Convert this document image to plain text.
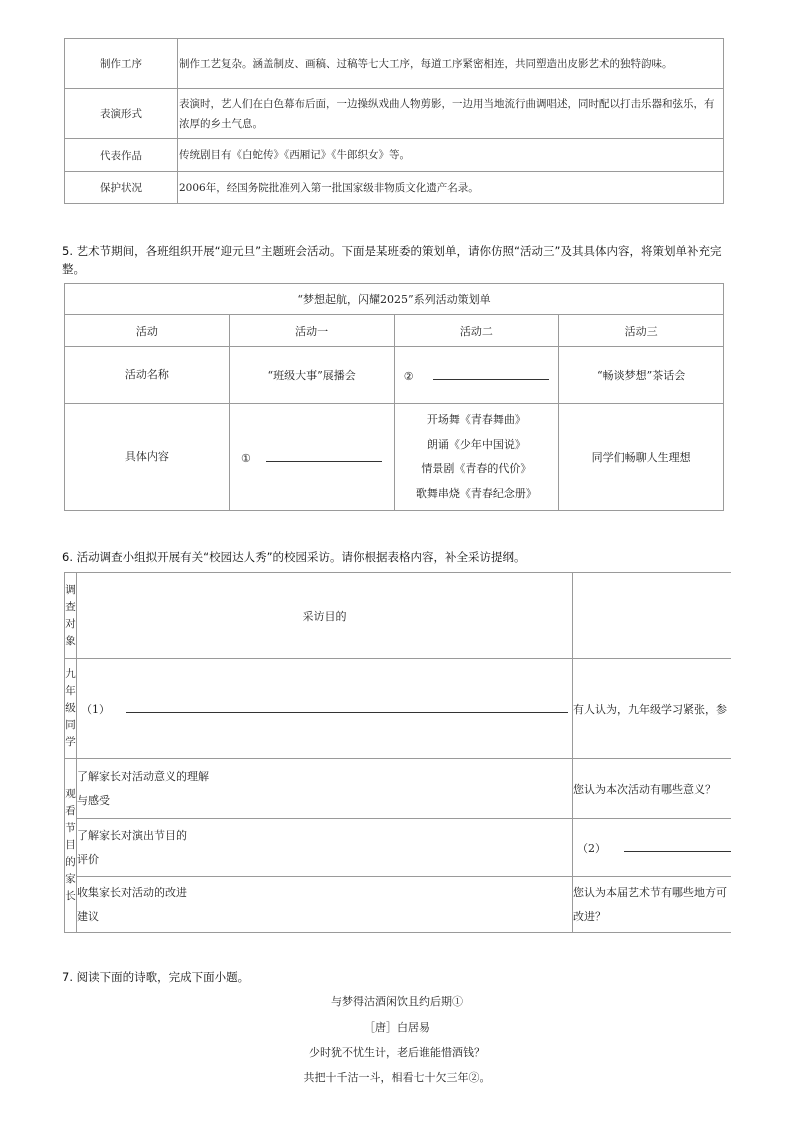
制作工序	制作工艺复杂。涵盖制皮、画稿、过稿等七大工序，每道工序紧密相连，共同塑造出皮影艺术的独特韵味。
表演形式	表演时，艺人们在白色幕布后面，一边操纵戏曲人物剪影，一边用当地流行曲调唱述，同时配以打击乐器和弦乐，有浓厚的乡土气息。
代表作品	传统剧目有《白蛇传》《西厢记》《牛郎织女》等。
保护状况	2006年，经国务院批准列入第一批国家级非物质文化遗产名录。
5. 艺术节期间，各班组织开展“迎元旦”主题班会活动。下面是某班委的策划单，请你仿照“活动三”及其具体内容，将策划单补充完整。
“梦想起航，闪耀2025”系列活动策划单			
活动	活动一	活动二	活动三
活动名称	“班级大事”展播会	②	“畅谈梦想”茶话会
具体内容	①	开场舞《青春舞曲》
朗诵《少年中国说》
情景剧《青春的代价》
歌舞串烧《青春纪念册》	同学们畅聊人生理想
6. 活动调查小组拟开展有关“校园达人秀”的校园采访。请你根据表格内容，补全采访提纲。
调查对象	采访目的	

九年级同学	（1）	有人认为，九年级学习紧张，参

观看节目的家长	了解家长对活动意义的理解与感受	您认为本次活动有哪些意义？

	了解家长对演出节目的评价	（2）

	收集家长对活动的改进建议	您认为本届艺术节有哪些地方可改进？
7. 阅读下面的诗歌，完成下面小题。
与梦得沽酒闲饮且约后期①
［唐］白居易
少时犹不忧生计，老后谁能惜酒钱？
共把十千沽一斗，相看七十欠三年②。
